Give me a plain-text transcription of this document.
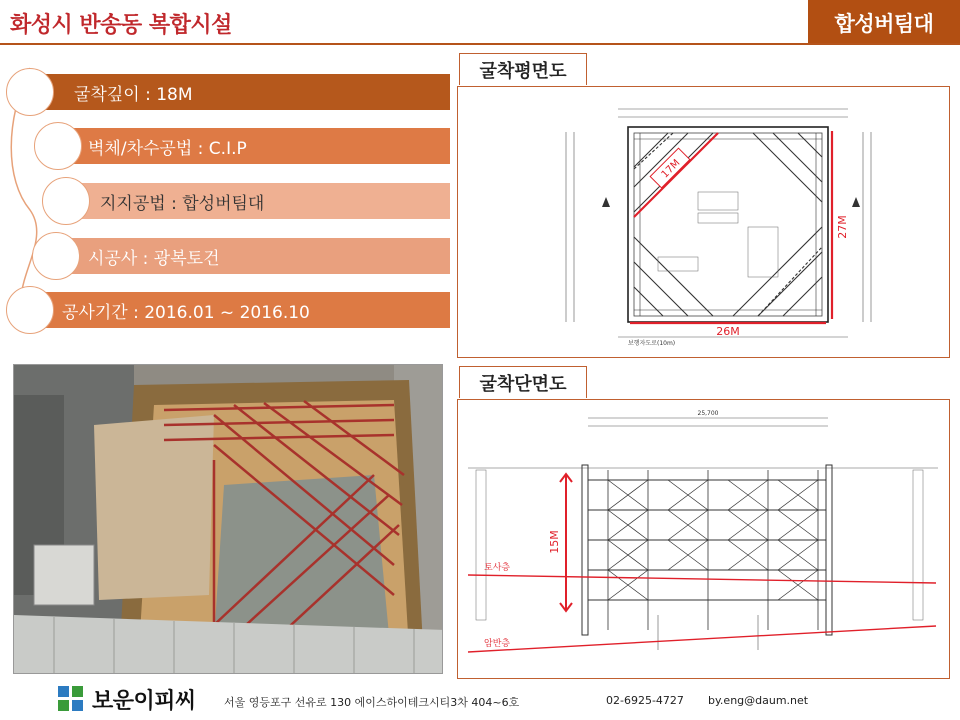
화성시 반송동 복합시설	합성버팀대
굴착깊이 : 18M
벽체/차수공법 : C.I.P
지지공법 : 합성버팀대
시공사 : 광복토건
공사기간 : 2016.01 ~ 2016.10
굴착평면도
17M
27M
26M
보행자도로(10m)
굴착단면도
25,700
15M
토사층
암반층
보운이피씨	서울 영등포구 선유로 130 에이스하이테크시티3차 404~6호	02-6925-4727 by.eng@daum.net
